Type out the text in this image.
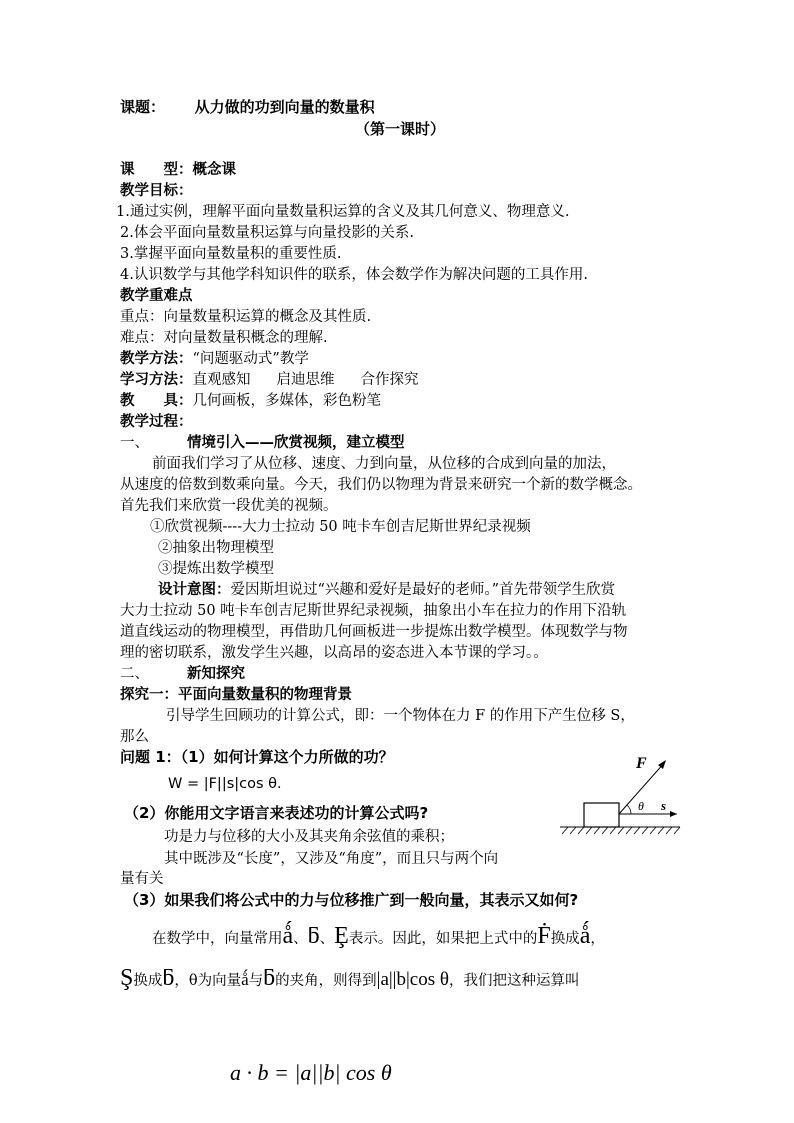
课题： 从力做的功到向量的数量积
（第一课时）
课　　型：概念课
教学目标：
1.通过实例，理解平面向量数量积运算的含义及其几何意义、物理意义.
2.体会平面向量数量积运算与向量投影的关系.
3.掌握平面向量数量积的重要性质.
4.认识数学与其他学科知识件的联系，体会数学作为解决问题的工具作用.
教学重难点
重点：向量数量积运算的概念及其性质.
难点：对向量数量积概念的理解.
教学方法：“问题驱动式”教学
学习方法：直观感知 启迪思维 合作探究
教　　具：几何画板，多媒体，彩色粉笔
教学过程：
一、	情境引入——欣赏视频，建立模型
前面我们学习了从位移、速度、力到向量，从位移的合成到向量的加法，
从速度的倍数到数乘向量。今天，我们仍以物理为背景来研究一个新的数学概念。
首先我们来欣赏一段优美的视频。
①欣赏视频----大力士拉动 50 吨卡车创吉尼斯世界纪录视频
②抽象出物理模型
③提炼出数学模型
设计意图：爱因斯坦说过“兴趣和爱好是最好的老师。”首先带领学生欣赏
大力士拉动 50 吨卡车创吉尼斯世界纪录视频，抽象出小车在拉力的作用下沿轨
道直线运动的物理模型，再借助几何画板进一步提炼出数学模型。体现数学与物
理的密切联系，激发学生兴趣，以高昂的姿态进入本节课的学习。。
二、	新知探究
探究一：平面向量数量积的物理背景
引导学生回顾功的计算公式，即：一个物体在力 F 的作用下产生位移 S，
那么
问题 1：（1）如何计算这个力所做的功？
W = |F||s|cos θ.
（2）你能用文字语言来表述功的计算公式吗?
功是力与位移的大小及其夹角余弦值的乘积；
其中既涉及“长度”，又涉及“角度”，而且只与两个向
量有关
（3）如果我们将公式中的力与位移推广到一般向量，其表示又如何?
在数学中，向量常用ǻ、ƃ、Ȩ表示。因此，如果把上式中的Ḟ换成ǻ，
Ş换成ƃ，θ为向量ǻ与ƃ的夹角，则得到|a||b|cos θ，我们把这种运算叫
a · b = |a||b| cos θ
F
θ s
